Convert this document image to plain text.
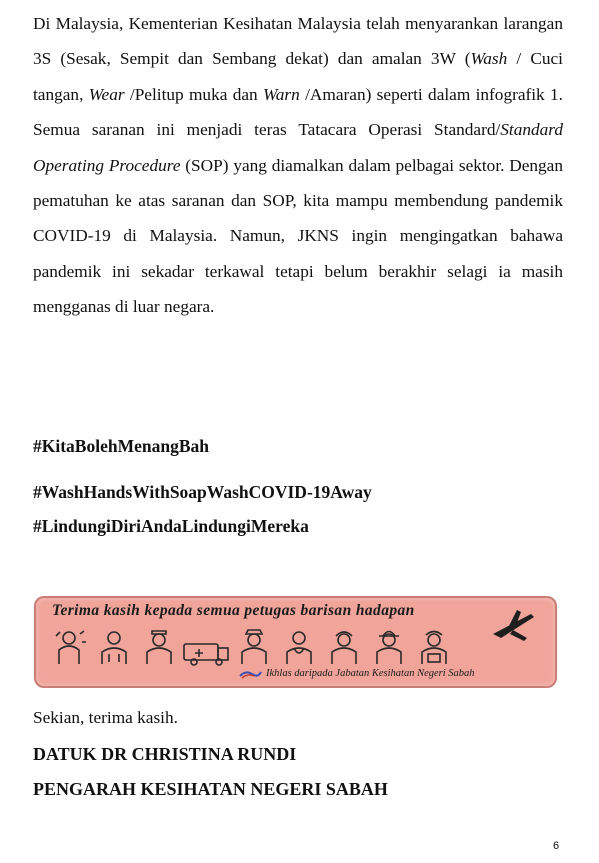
Di Malaysia, Kementerian Kesihatan Malaysia telah menyarankan larangan 3S (Sesak, Sempit dan Sembang dekat) dan amalan 3W (Wash / Cuci tangan, Wear /Pelitup muka dan Warn /Amaran) seperti dalam infografik 1. Semua saranan ini menjadi teras Tatacara Operasi Standard/Standard Operating Procedure (SOP) yang diamalkan dalam pelbagai sektor. Dengan pematuhan ke atas saranan dan SOP, kita mampu membendung pandemik COVID-19 di Malaysia. Namun, JKNS ingin mengingatkan bahawa pandemik ini sekadar terkawal tetapi belum berakhir selagi ia masih mengganas di luar negara.

#KitaBolehMenangBah

#WashHandsWithSoapWashCOVID-19Away

#LindungiDiriAndaLindungiMereka

Terima kasih kepada semua petugas barisan hadapan
Ikhlas daripada Jabatan Kesihatan Negeri Sabah

Sekian, terima kasih.

DATUK DR CHRISTINA RUNDI

PENGARAH KESIHATAN NEGERI SABAH

6
